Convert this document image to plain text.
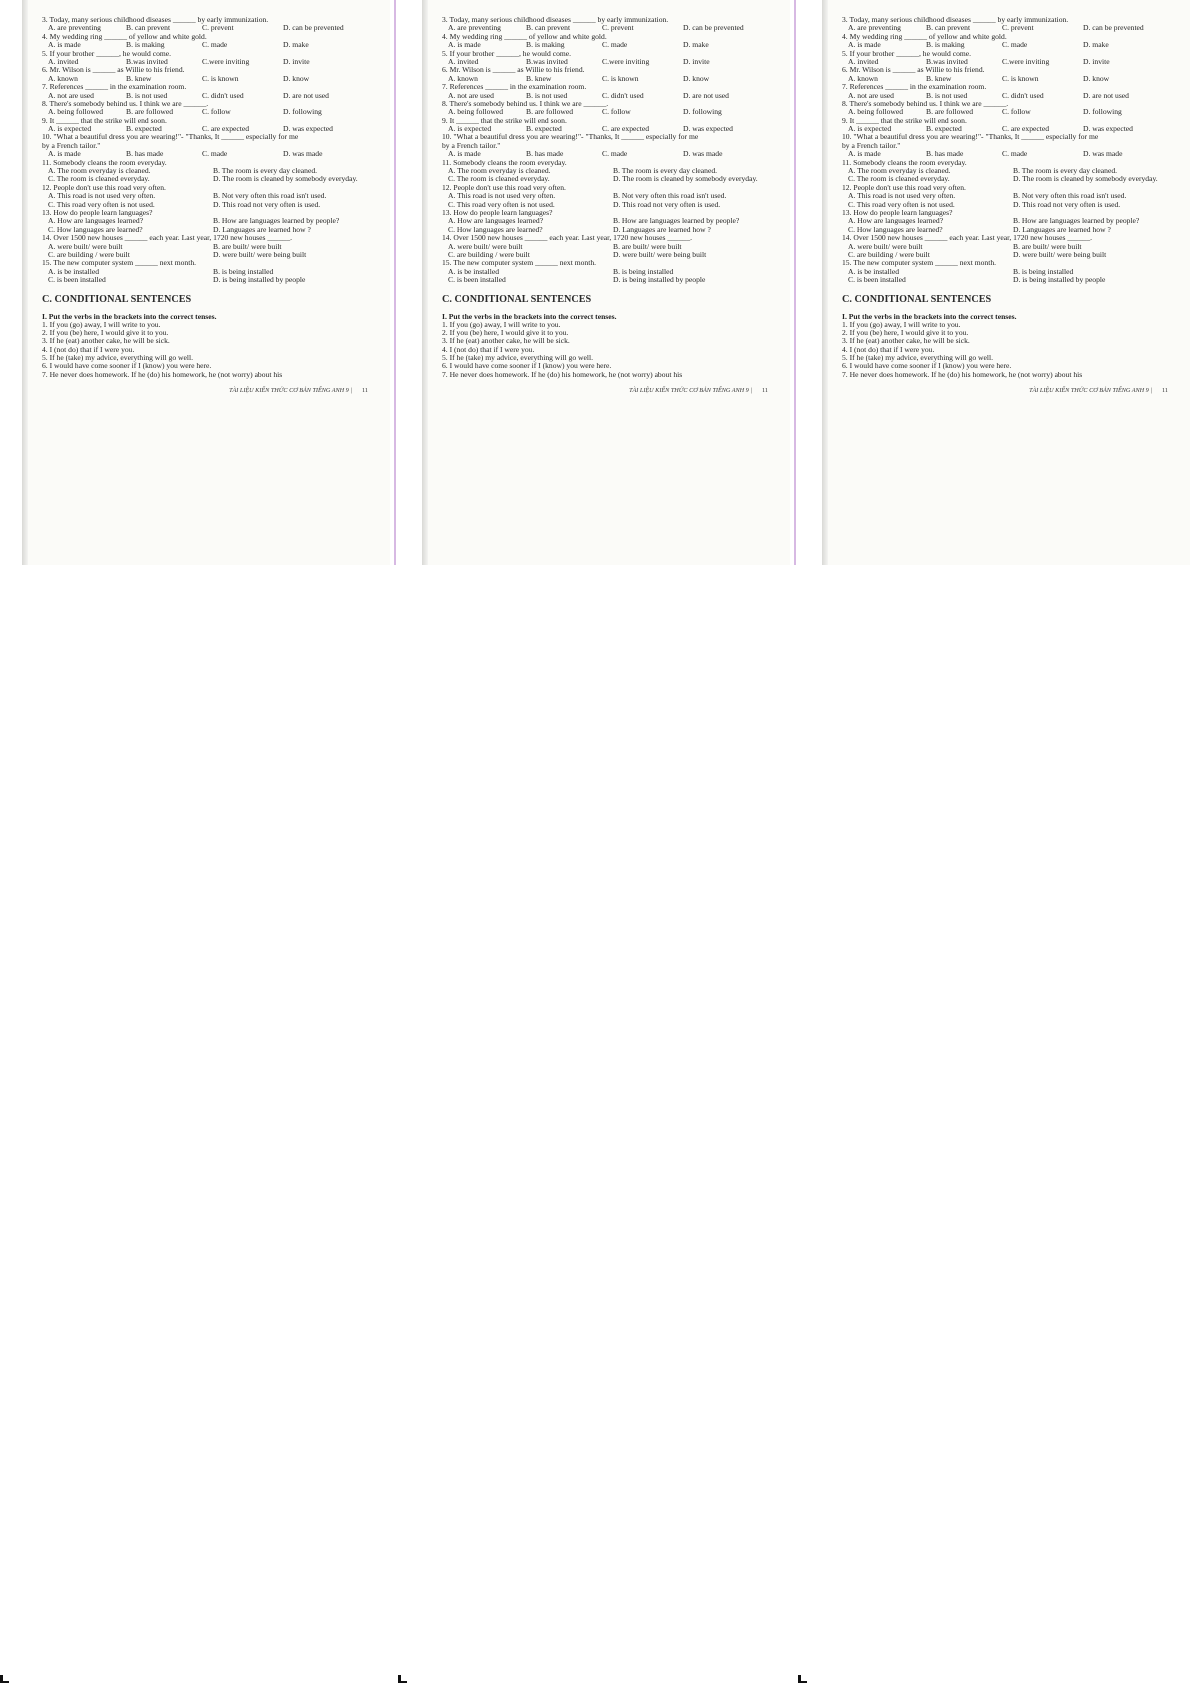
3. Today, many serious childhood diseases ______ by early immunization.
A. are preventing	B. can prevent	C. prevent	D. can be prevented
4. My wedding ring ______ of yellow and white gold.
A. is made	B. is making	C. made	D. make
5. If your brother ______, he would come.
A. invited	B.was invited	C.were inviting	D. invite
6. Mr. Wilson is ______ as Willie to his friend.
A. known	B. knew	C. is known	D. know
7. References ______ in the examination room.
A. not are used	B. is not used	C. didn't used	D. are not used
8. There's somebody behind us. I think we are ______.
A. being followed	B. are followed	C. follow	D. following
9. It ______ that the strike will end soon.
A. is expected	B. expected	C. are expected	D. was expected
10. "What a beautiful dress you are wearing!"- "Thanks, It ______ especially for me
by a French tailor."
A. is made	B. has made	C. made	D. was made
11. Somebody cleans the room everyday.
A. The room everyday is cleaned.	B. The room is every day cleaned.
C. The room is cleaned everyday.	D. The room is cleaned by somebody everyday.
12. People don't use this road very often.
A. This road is not used very often.	B. Not very often this road isn't used.
C. This road very often is not used.	D. This road not very often is used.
13. How do people learn languages?
A. How are languages learned?	B. How are languages learned by people?
C. How languages are learned?	D. Languages are learned how ?
14. Over 1500 new houses ______ each year. Last year, 1720 new houses ______.
A. were built/ were built	B. are built/ were built
C. are building / were built	D. were built/ were being built
15. The new computer system ______ next month.
A. is be installed	B. is being installed
C. is been installed	D. is being installed by people
C. CONDITIONAL SENTENCES
I. Put the verbs in the brackets into the correct tenses.
1. If you (go) away, I will write to you.
2. If you (be) here, I would give it to you.
3. If he (eat) another cake, he will be sick.
4. I (not do) that if I were you.
5. If he (take) my advice, everything will go well.
6. I would have come sooner if I (know) you were here.
7. He never does homework. If he (do) his homework, he (not worry) about his
TÀI LIỆU KIẾN THỨC CƠ BẢN TIẾNG ANH 9 | 11
3. Today, many serious childhood diseases ______ by early immunization.
A. are preventing	B. can prevent	C. prevent	D. can be prevented
4. My wedding ring ______ of yellow and white gold.
A. is made	B. is making	C. made	D. make
5. If your brother ______, he would come.
A. invited	B.was invited	C.were inviting	D. invite
6. Mr. Wilson is ______ as Willie to his friend.
A. known	B. knew	C. is known	D. know
7. References ______ in the examination room.
A. not are used	B. is not used	C. didn't used	D. are not used
8. There's somebody behind us. I think we are ______.
A. being followed	B. are followed	C. follow	D. following
9. It ______ that the strike will end soon.
A. is expected	B. expected	C. are expected	D. was expected
10. "What a beautiful dress you are wearing!"- "Thanks, It ______ especially for me
by a French tailor."
A. is made	B. has made	C. made	D. was made
11. Somebody cleans the room everyday.
A. The room everyday is cleaned.	B. The room is every day cleaned.
C. The room is cleaned everyday.	D. The room is cleaned by somebody everyday.
12. People don't use this road very often.
A. This road is not used very often.	B. Not very often this road isn't used.
C. This road very often is not used.	D. This road not very often is used.
13. How do people learn languages?
A. How are languages learned?	B. How are languages learned by people?
C. How languages are learned?	D. Languages are learned how ?
14. Over 1500 new houses ______ each year. Last year, 1720 new houses ______.
A. were built/ were built	B. are built/ were built
C. are building / were built	D. were built/ were being built
15. The new computer system ______ next month.
A. is be installed	B. is being installed
C. is been installed	D. is being installed by people
C. CONDITIONAL SENTENCES
I. Put the verbs in the brackets into the correct tenses.
1. If you (go) away, I will write to you.
2. If you (be) here, I would give it to you.
3. If he (eat) another cake, he will be sick.
4. I (not do) that if I were you.
5. If he (take) my advice, everything will go well.
6. I would have come sooner if I (know) you were here.
7. He never does homework. If he (do) his homework, he (not worry) about his
TÀI LIỆU KIẾN THỨC CƠ BẢN TIẾNG ANH 9 | 11
3. Today, many serious childhood diseases ______ by early immunization.
A. are preventing	B. can prevent	C. prevent	D. can be prevented
4. My wedding ring ______ of yellow and white gold.
A. is made	B. is making	C. made	D. make
5. If your brother ______, he would come.
A. invited	B.was invited	C.were inviting	D. invite
6. Mr. Wilson is ______ as Willie to his friend.
A. known	B. knew	C. is known	D. know
7. References ______ in the examination room.
A. not are used	B. is not used	C. didn't used	D. are not used
8. There's somebody behind us. I think we are ______.
A. being followed	B. are followed	C. follow	D. following
9. It ______ that the strike will end soon.
A. is expected	B. expected	C. are expected	D. was expected
10. "What a beautiful dress you are wearing!"- "Thanks, It ______ especially for me
by a French tailor."
A. is made	B. has made	C. made	D. was made
11. Somebody cleans the room everyday.
A. The room everyday is cleaned.	B. The room is every day cleaned.
C. The room is cleaned everyday.	D. The room is cleaned by somebody everyday.
12. People don't use this road very often.
A. This road is not used very often.	B. Not very often this road isn't used.
C. This road very often is not used.	D. This road not very often is used.
13. How do people learn languages?
A. How are languages learned?	B. How are languages learned by people?
C. How languages are learned?	D. Languages are learned how ?
14. Over 1500 new houses ______ each year. Last year, 1720 new houses ______.
A. were built/ were built	B. are built/ were built
C. are building / were built	D. were built/ were being built
15. The new computer system ______ next month.
A. is be installed	B. is being installed
C. is been installed	D. is being installed by people
C. CONDITIONAL SENTENCES
I. Put the verbs in the brackets into the correct tenses.
1. If you (go) away, I will write to you.
2. If you (be) here, I would give it to you.
3. If he (eat) another cake, he will be sick.
4. I (not do) that if I were you.
5. If he (take) my advice, everything will go well.
6. I would have come sooner if I (know) you were here.
7. He never does homework. If he (do) his homework, he (not worry) about his
TÀI LIỆU KIẾN THỨC CƠ BẢN TIẾNG ANH 9 | 11
